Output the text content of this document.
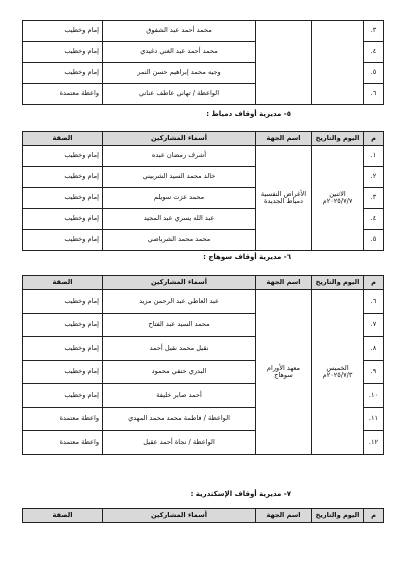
٣.			محمد أحمد عبد الشفوق	إمام وخطيب
٤.			محمد أحمد عبد الغني دغيدي	إمام وخطيب
٥.			وجيه محمد إبراهيم حسن النمر	إمام وخطيب
٦.			الواعظة / تهاني عاطف عناني	واعظة معتمدة
٥- مديرية أوقاف دمياط :
م	اليوم والتاريخ	اسم الجهة	أسماء المشاركين	الصفة
١.	الاثنين ٢٠٢٥/٧/٧م	الأغراض النفسية دمياط الجديدة	أشرف رمضان عبده	إمام وخطيب
٢.			خالد محمد السيد الشربيني	إمام وخطيب
٣.			محمد عزت سويلم	إمام وخطيب
٤.			عبد الله يسري عبد المجيد	إمام وخطيب
٥.			محمد محمد الشرباصي	إمام وخطيب
٦- مديرية أوقاف سوهاج :
م	اليوم والتاريخ	اسم الجهة	أسماء المشاركين	الصفة
٦.	الخميس ٢٠٢٥/٧/٣م	معهد الأورام سوهاج	عبد العاطي عبد الرحمن مزيد	إمام وخطيب
٧.			محمد السيد عبد الفتاح	إمام وخطيب
٨.			نقيل محمد نقيل أحمد	إمام وخطيب
٩.			البدري حنفي محمود	إمام وخطيب
١٠.			أحمد صابر خليفة	إمام وخطيب
١١.			الواعظة / فاطمة محمد محمد المهدي	واعظة معتمدة
١٢.			الواعظة / نجاة أحمد عقيل	واعظة معتمدة
٧- مديرية أوقاف الإسكندرية :
م	اليوم والتاريخ	اسم الجهة	أسماء المشاركين	الصفة
